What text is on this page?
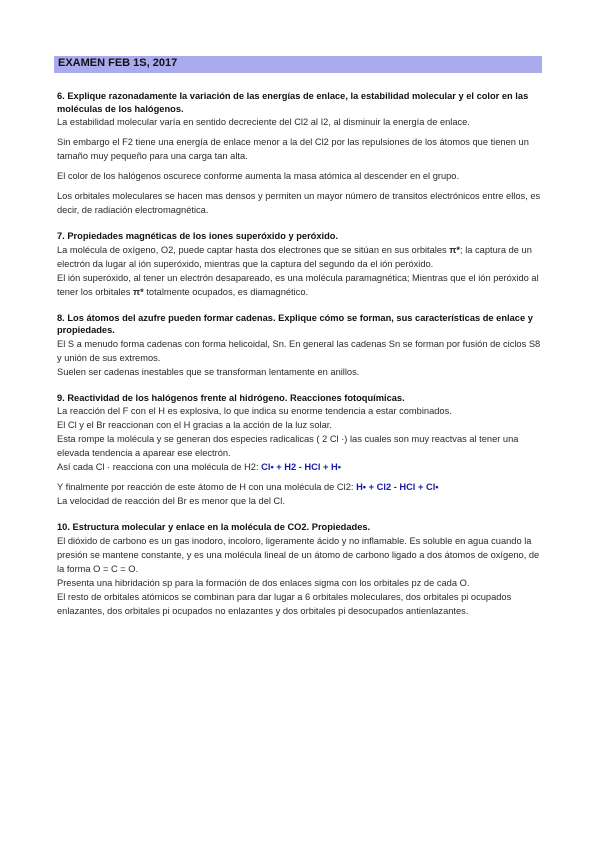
EXAMEN FEB 1S, 2017

6. Explique razonadamente la variación de las energías de enlace, la estabilidad molecular y el color en las moléculas de los halógenos.

La estabilidad molecular varía en sentido decreciente del Cl2 al I2, al disminuir la energía de enlace.

Sin embargo el F2 tiene una energía de enlace menor a la del Cl2 por las repulsiones de los átomos que tienen un tamaño muy pequeño para una carga tan alta.

El color de los halógenos oscurece conforme aumenta la masa atómica al descender en el grupo.

Los orbitales moleculares se hacen mas densos y permiten un mayor número de transitos electrónicos entre ellos, es decir, de radiación electromagnética.

7. Propiedades magnéticas de los iones superóxido y peróxido.

La molécula de oxígeno, O2, puede captar hasta dos electrones que se sitúan en sus orbitales π*; la captura de un electrón da lugar al ión superóxido, mientras que la captura del segundo da el ión peróxido.

El ión superóxido, al tener un electrón desapareado, es una molécula paramagnética; Mientras que el ión peróxido al tener los orbitales π* totalmente ocupados, es diamagnético.

8. Los átomos del azufre pueden formar cadenas. Explique cómo se forman, sus características de enlace y propiedades.

El S a menudo forma cadenas con forma helicoidal, Sn. En general las cadenas Sn se forman por fusión de ciclos S8 y unión de sus extremos.

Suelen ser cadenas inestables que se transforman lentamente en anillos.

9. Reactividad de los halógenos frente al hidrógeno. Reacciones fotoquímicas.

La reacción del F con el H es explosiva, lo que indica su enorme tendencia a estar combinados.

El Cl y el Br reaccionan con el H gracias a la acción de la luz solar.

Esta rompe la molécula y se generan dos especies radicalicas ( 2 Cl ·) las cuales son muy reactvas al tener una elevada tendencia a aparear ese electrón.

Así cada Cl · reacciona con una molécula de H2: Cl• + H2 - HCl + H•

Y finalmente por reacción de este átomo de H con una molécula de Cl2: H• + Cl2 - HCl + Cl•

La velocidad de reacción del Br es menor que la del Cl.

10. Estructura molecular y enlace en la molécula de CO2. Propiedades.

El dióxido de carbono es un gas inodoro, incoloro, ligeramente ácido y no inflamable. Es soluble en agua cuando la presión se mantene constante, y es una molécula lineal de un átomo de carbono ligado a dos átomos de oxígeno, de la forma O = C = O.

Presenta una hibridación sp para la formación de dos enlaces sigma con los orbitales pz de cada O.

El resto de orbitales atómicos se combinan para dar lugar a 6 orbitales moleculares, dos orbitales pi ocupados enlazantes, dos orbitales pi ocupados no enlazantes y dos orbitales pi desocupados antienlazantes.
